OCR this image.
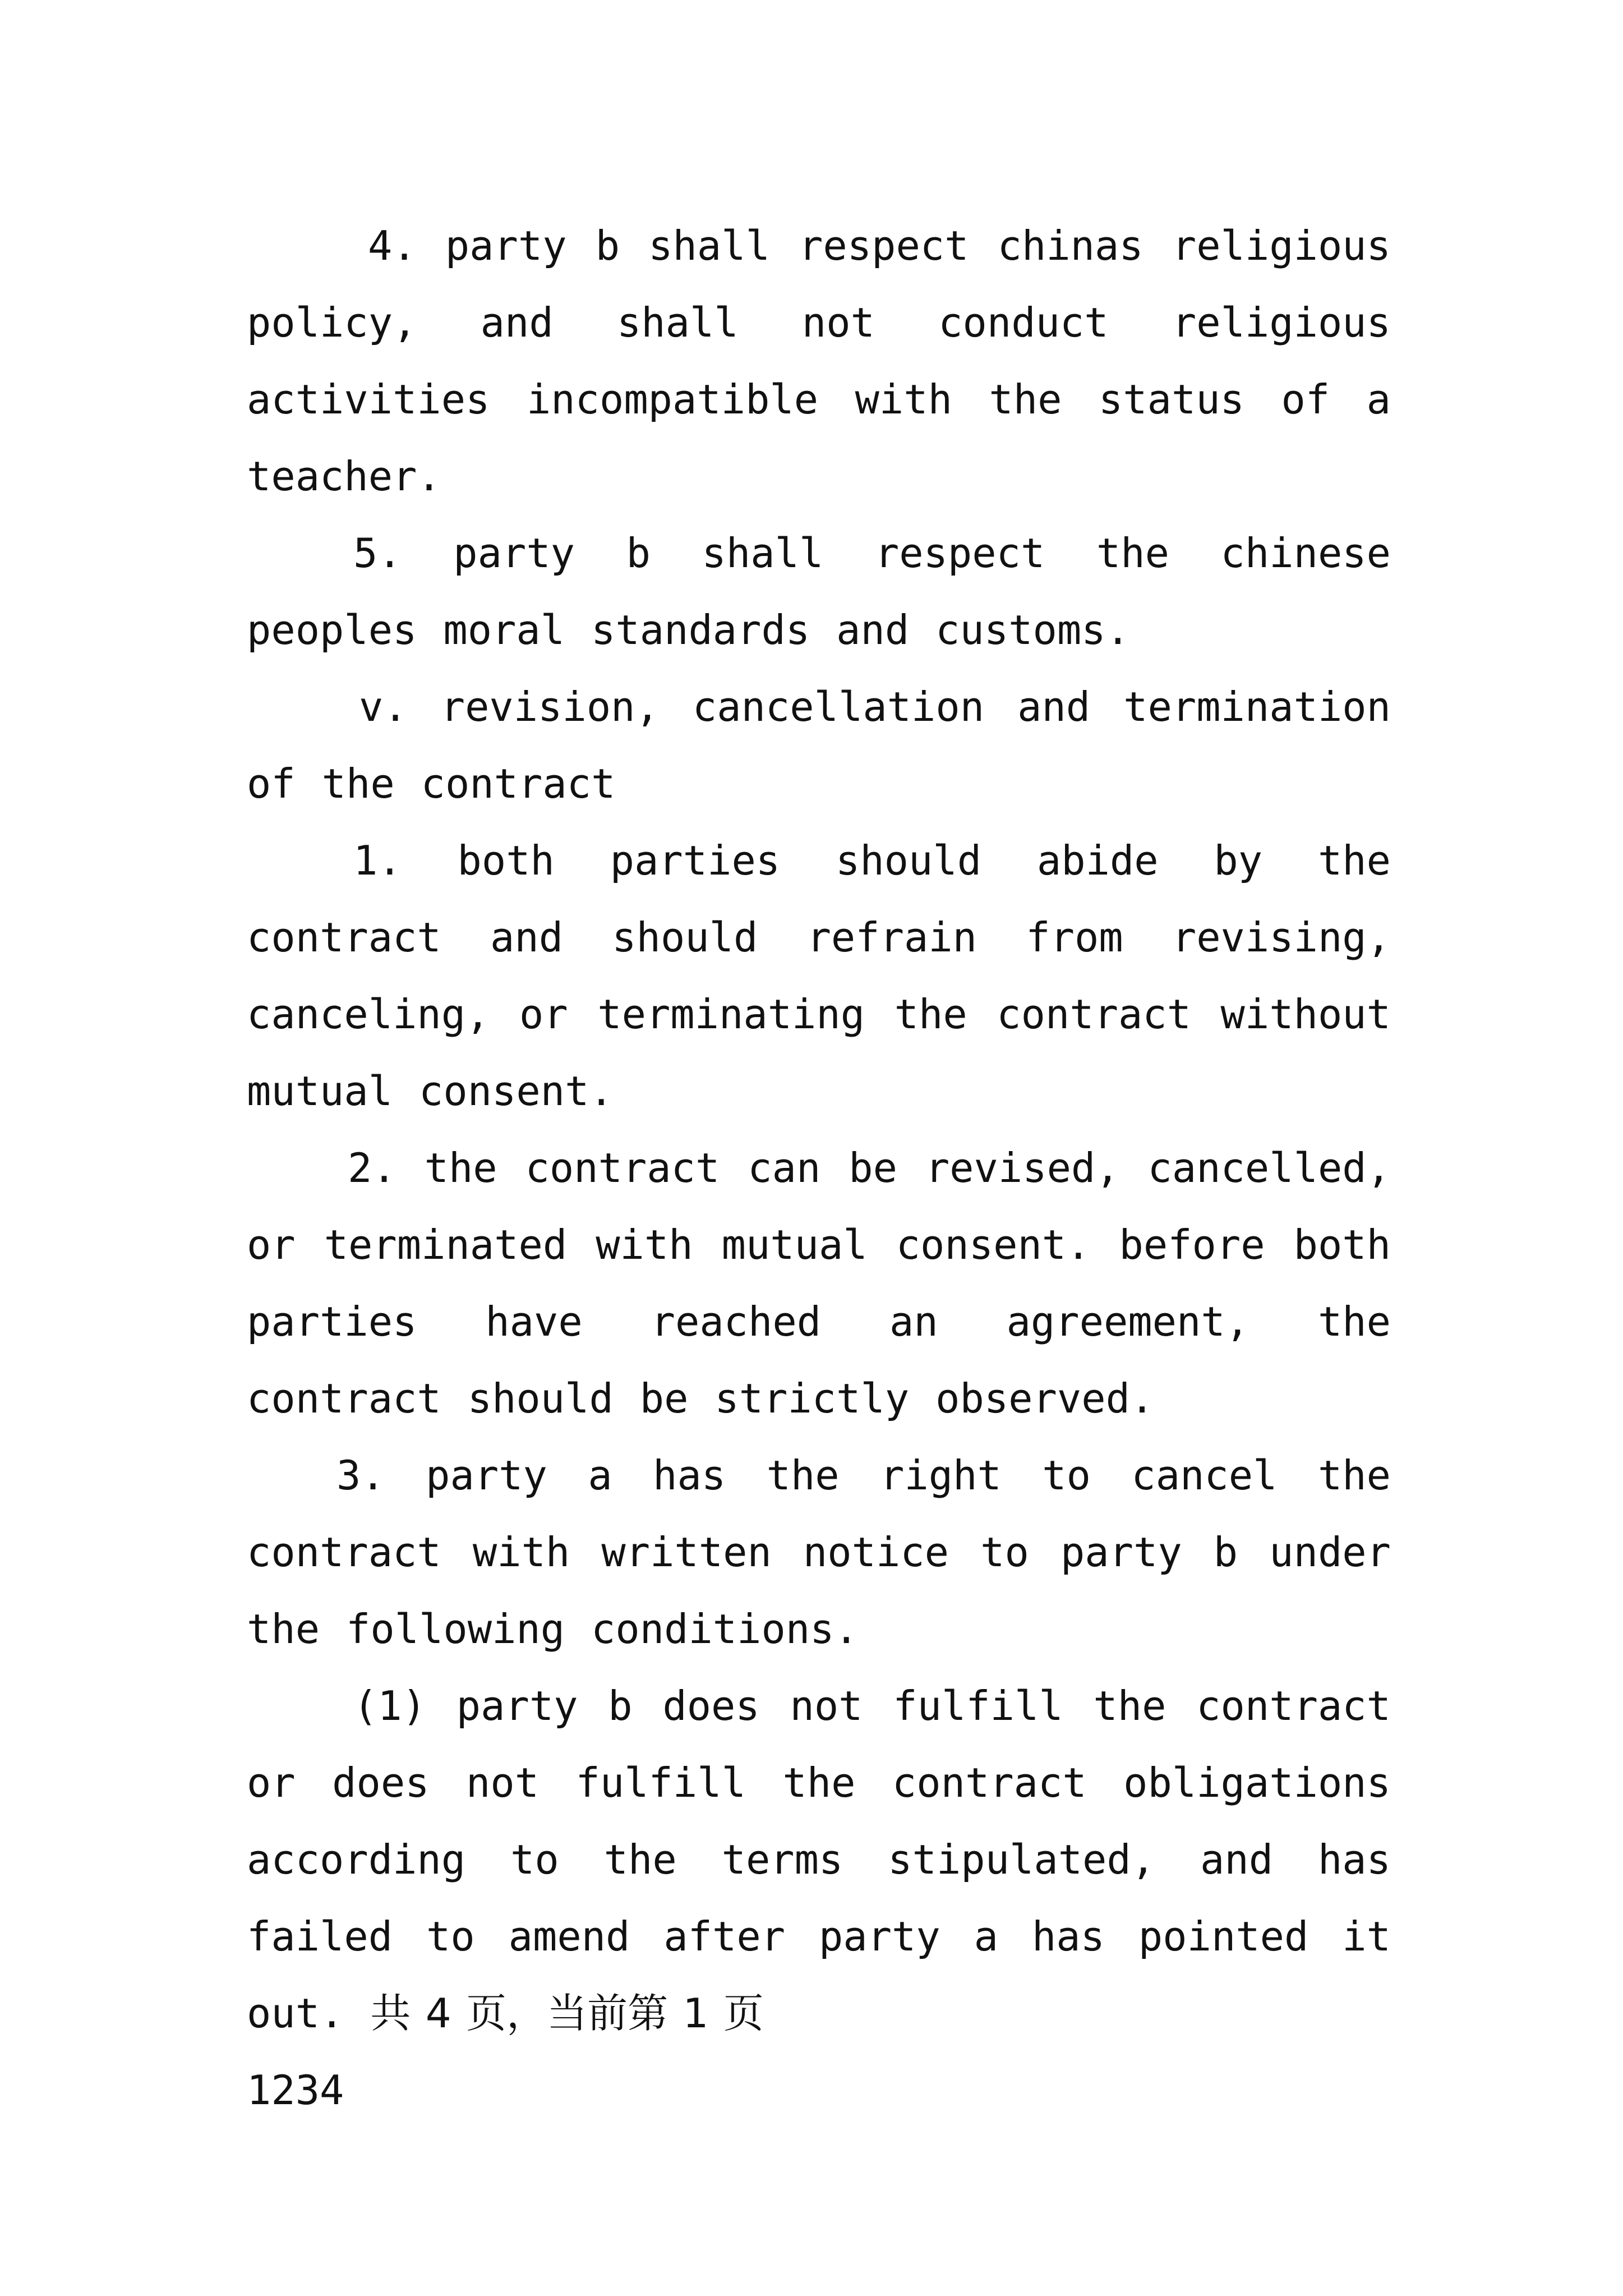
4. party b shall respect chinas religious policy, and shall not conduct religious activities incompatible with the status of a teacher.

5. party b shall respect the chinese peoples moral standards and customs.

v. revision, cancellation and termination of the contract

1. both parties should abide by the contract and should refrain from revising, canceling, or terminating the contract without mutual consent.

2. the contract can be revised, cancelled, or terminated with mutual consent. before both parties have reached an agreement, the contract should be strictly observed.

3. party a has the right to cancel the contract with written notice to party b under the following conditions.

(1) party b does not fulfill the contract or does not fulfill the contract obligations according to the terms stipulated, and has failed to amend after party a has pointed it out. 共 4 页，当前第 1 页

1234
